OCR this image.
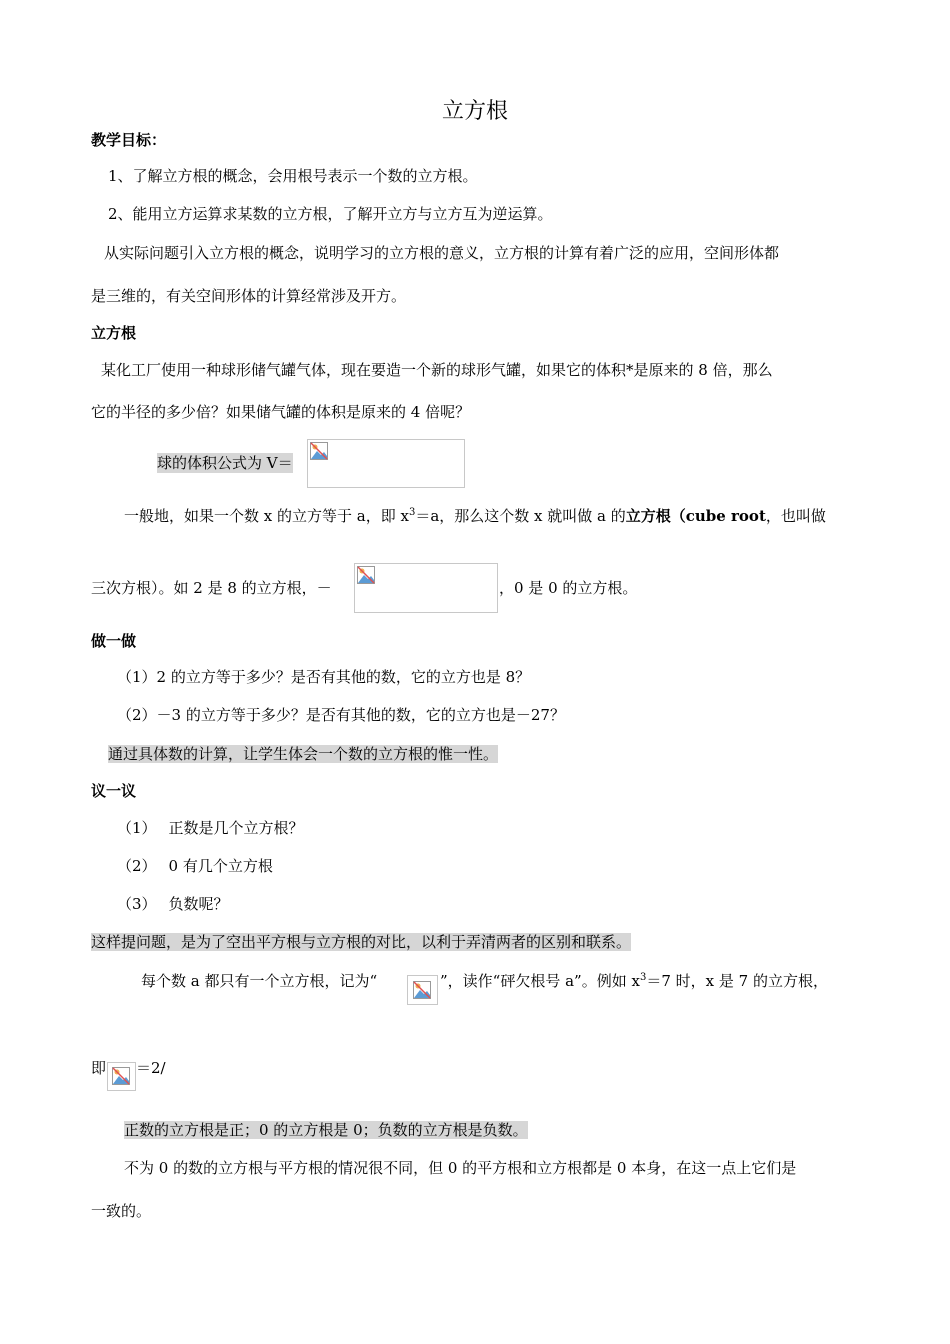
立方根
教学目标：
1、了解立方根的概念，会用根号表示一个数的立方根。
2、能用立方运算求某数的立方根，了解开立方与立方互为逆运算。
从实际问题引入立方根的概念，说明学习的立方根的意义，立方根的计算有着广泛的应用，空间形体都
是三维的，有关空间形体的计算经常涉及开方。
立方根
某化工厂使用一种球形储气罐气体，现在要造一个新的球形气罐，如果它的体积*是原来的 8 倍，那么
它的半径的多少倍？如果储气罐的体积是原来的 4 倍呢？
球的体积公式为 V＝
一般地，如果一个数 x 的立方等于 a，即 $x^3=a$，那么这个数 x 就叫做 a 的立方根（cube root，也叫做
三次方根）。如 2 是 8 的立方根，－	，0 是 0 的立方根。
做一做
（1）2 的立方等于多少？是否有其他的数，它的立方也是 8？
（2）－3 的立方等于多少？是否有其他的数，它的立方也是－27？
通过具体数的计算，让学生体会一个数的立方根的惟一性。
议一议
（1） 正数是几个立方根？
（2） 0 有几个立方根
（3） 负数呢？
这样提问题，是为了空出平方根与立方根的对比，以利于弄清两者的区别和联系。
每个数 a 都只有一个立方根，记为“	”，读作“砰欠根号 a”。例如 $x^3=7$ 时，x 是 7 的立方根，
即 ＝2/
正数的立方根是正；0 的立方根是 0；负数的立方根是负数。
不为 0 的数的立方根与平方根的情况很不同，但 0 的平方根和立方根都是 0 本身，在这一点上它们是
一致的。
